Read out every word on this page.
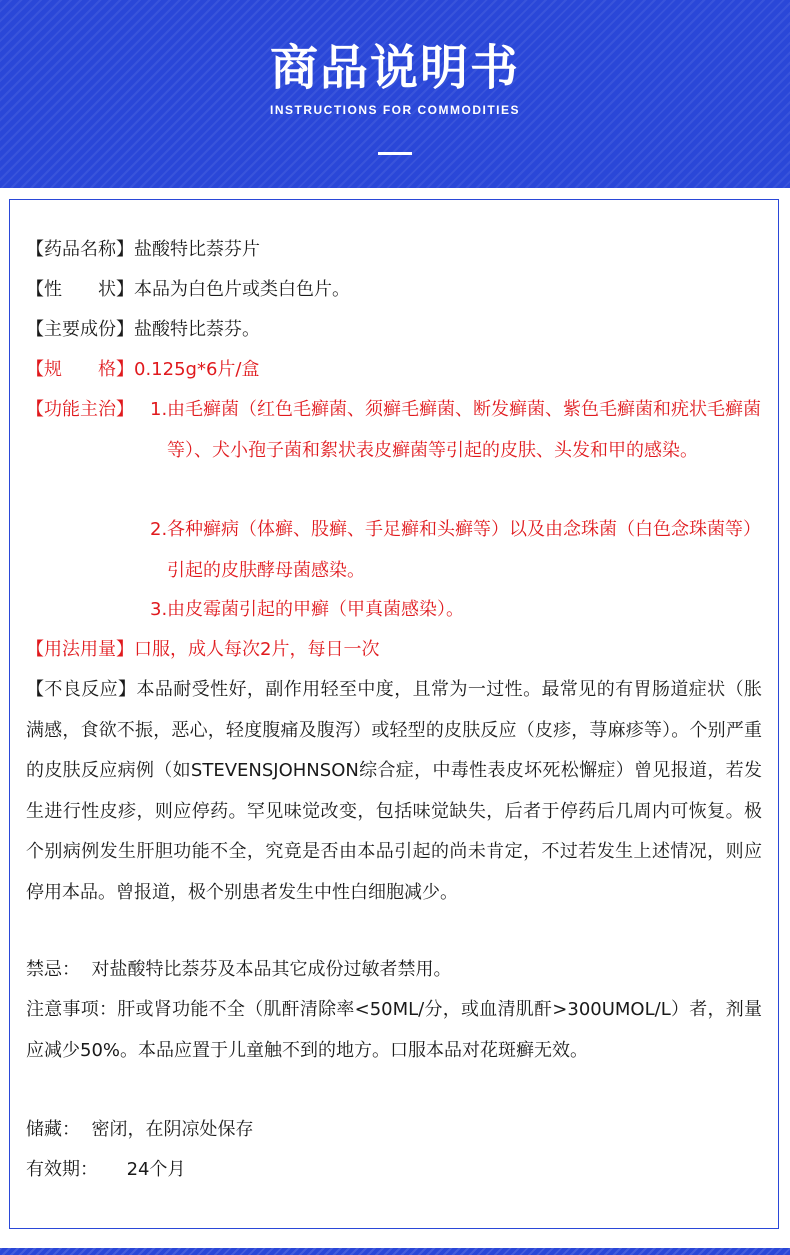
商品说明书
INSTRUCTIONS FOR COMMODITIES
【药品名称】盐酸特比萘芬片
【性　　状】本品为白色片或类白色片。
【主要成份】盐酸特比萘芬。
【规　　格】0.125g*6片/盒
【功能主治】 1. 由毛癣菌（红色毛癣菌、须癣毛癣菌、断发癣菌、紫色毛癣菌和疣状毛癣菌等）、犬小孢子菌和絮状表皮癣菌等引起的皮肤、头发和甲的感染。
2. 各种癣病（体癣、股癣、手足癣和头癣等）以及由念珠菌（白色念珠菌等）引起的皮肤酵母菌感染。
3. 由皮霉菌引起的甲癣（甲真菌感染）。
【用法用量】口服，成人每次2片，每日一次
【不良反应】本品耐受性好，副作用轻至中度，且常为一过性。最常见的有胃肠道症状（胀满感，食欲不振，恶心，轻度腹痛及腹泻）或轻型的皮肤反应（皮疹，荨麻疹等）。个别严重的皮肤反应病例（如STEVENSJOHNSON综合症，中毒性表皮坏死松懈症）曾见报道，若发生进行性皮疹，则应停药。罕见味觉改变，包括味觉缺失，后者于停药后几周内可恢复。极个别病例发生肝胆功能不全，究竟是否由本品引起的尚未肯定，不过若发生上述情况，则应停用本品。曾报道，极个别患者发生中性白细胞减少。
禁忌： 对盐酸特比萘芬及本品其它成份过敏者禁用。
注意事项：肝或肾功能不全（肌酐清除率<50ML/分，或血清肌酐>300UMOL/L）者，剂量应减少50%。本品应置于儿童触不到的地方。口服本品对花斑癣无效。
储藏： 密闭，在阴凉处保存
有效期： 24个月
